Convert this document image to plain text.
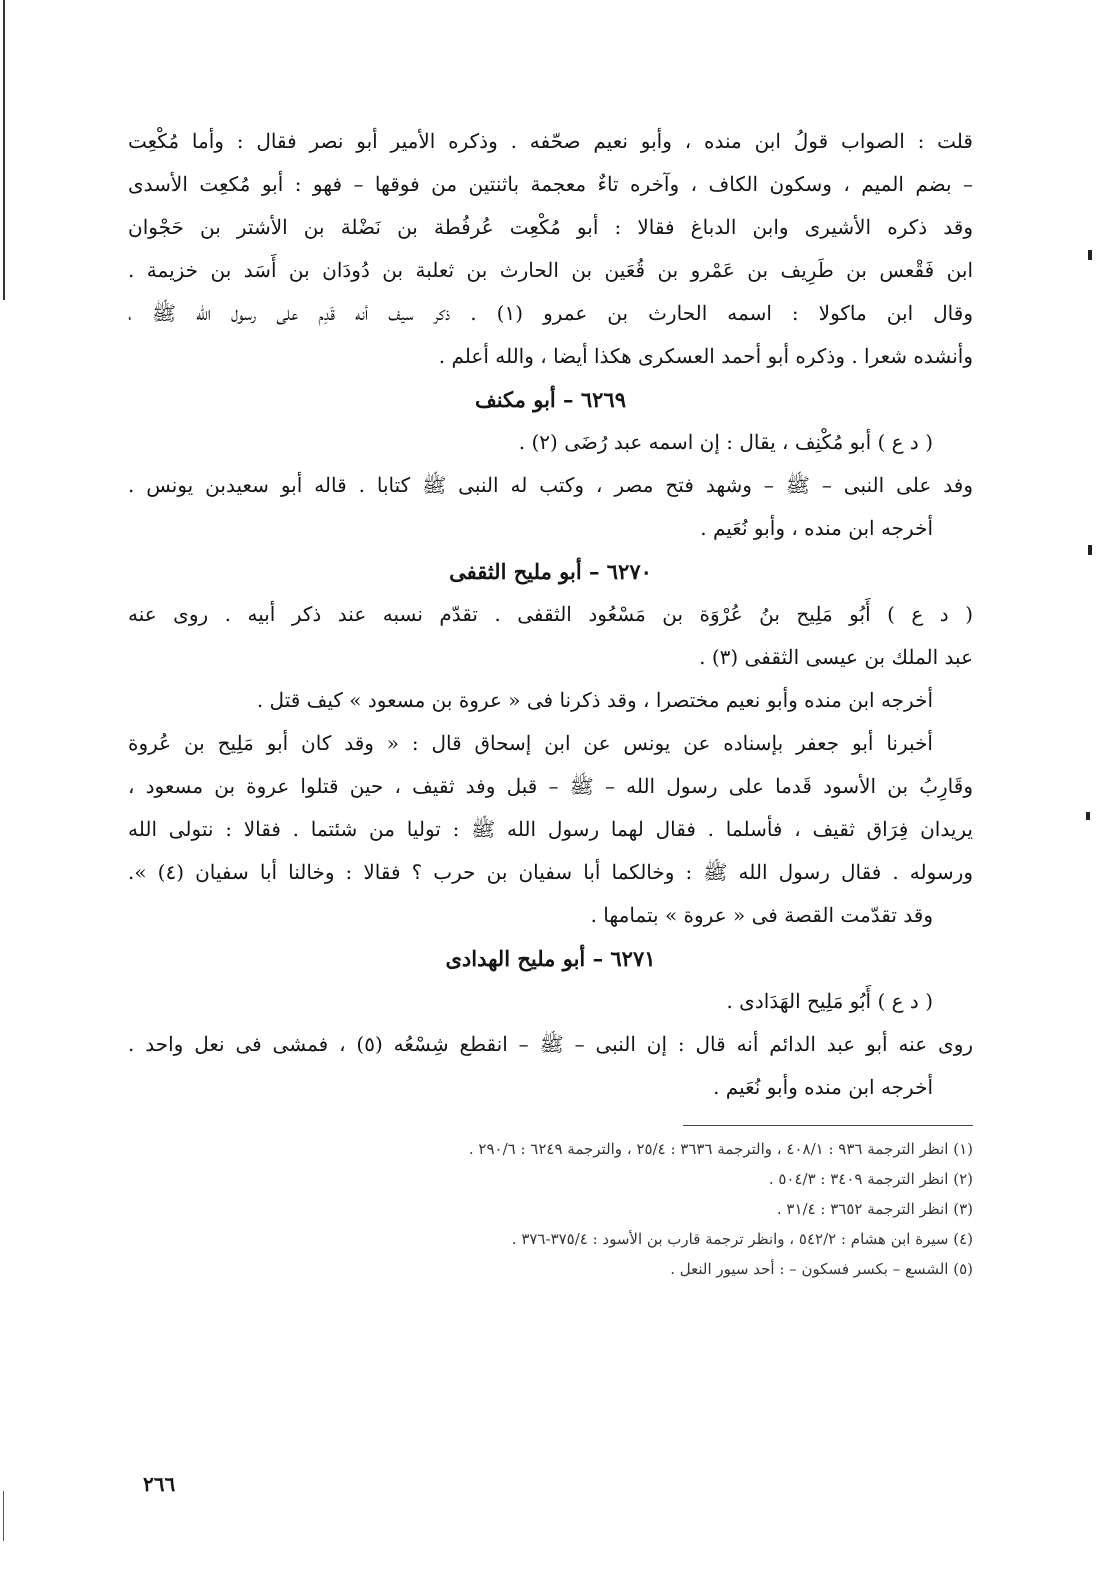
قلت : الصواب قولُ ابن منده ، وأبو نعيم صحّفه . وذكره الأمير أبو نصر فقال : وأما مُكْعِت
– بضم الميم ، وسكون الكاف ، وآخره تاءٌ معجمة باثنتين من فوقها – فهو : أبو مُكعِت الأسدى
وقد ذكره الأشيرى وابن الدباغ فقالا : أبو مُكْعِت عُرفُطة بن نَضْلة بن الأشتر بن حَجْوان
ابن فَقْعس بن طَرِيف بن عَمْرو بن قُعَين بن الحارث بن ثعلبة بن دُودَان بن أَسَد بن خزيمة .
وقال ابن ماكولا : اسمه الحارث بن عمرو (١) . ذكر سيف أنه قَدِم على رسول الله ﷺ ،
وأنشده شعرا . وذكره أبو أحمد العسكرى هكذا أيضا ، والله أعلم .
٦٢٦٩ – أبو مكنف
( د ع ) أبو مُكْنِف ، يقال : إن اسمه عبد رُضَى (٢) .
وفد على النبى – ﷺ – وشهد فتح مصر ، وكتب له النبى ﷺ كتابا . قاله أبو سعيدبن يونس .
أخرجه ابن منده ، وأبو نُعَيم .
٦٢٧٠ – أبو مليح الثقفى
( د ع ) أَبُو مَلِيح بنُ عُرْوَة بن مَسْعُود الثقفى . تقدّم نسبه عند ذكر أبيه . روى عنه
عبد الملك بن عيسى الثقفى (٣) .
أخرجه ابن منده وأبو نعيم مختصرا ، وقد ذكرنا فى « عروة بن مسعود » كيف قتل .
أخبرنا أبو جعفر بإسناده عن يونس عن ابن إسحاق قال : « وقد كان أبو مَلِيح بن عُروة
وقَارِبُ بن الأسود قَدما على رسول الله – ﷺ – قبل وفد ثقيف ، حين قتلوا عروة بن مسعود ،
يريدان فِرَاق ثقيف ، فأسلما . فقال لهما رسول الله ﷺ : توليا من شئتما . فقالا : نتولى الله
ورسوله . فقال رسول الله ﷺ : وخالكما أبا سفيان بن حرب ؟ فقالا : وخالنا أبا سفيان (٤) ».
وقد تقدّمت القصة فى « عروة » بتمامها .
٦٢٧١ – أبو مليح الهدادى
( د ع ) أَبُو مَلِيح الهَدَادى .
روى عنه أبو عبد الدائم أنه قال : إن النبى – ﷺ – انقطع شِسْعُه (٥) ، فمشى فى نعل واحد .
أخرجه ابن منده وأبو نُعَيم .
(١) انظر الترجمة ٩٣٦ : ٤٠٨/١ ، والترجمة ٣٦٣٦ : ٢٥/٤ ، والترجمة ٦٢٤٩ : ٢٩٠/٦ .
(٢) انظر الترجمة ٣٤٠٩ : ٥٠٤/٣ .
(٣) انظر الترجمة ٣٦٥٢ : ٣١/٤ .
(٤) سيرة ابن هشام : ٥٤٢/٢ ، وانظر ترجمة قارب بن الأسود : ٣٧٥/٤-٣٧٦ .
(٥) الشسع – بكسر فسكون – : أحد سيور النعل .
٢٦٦
